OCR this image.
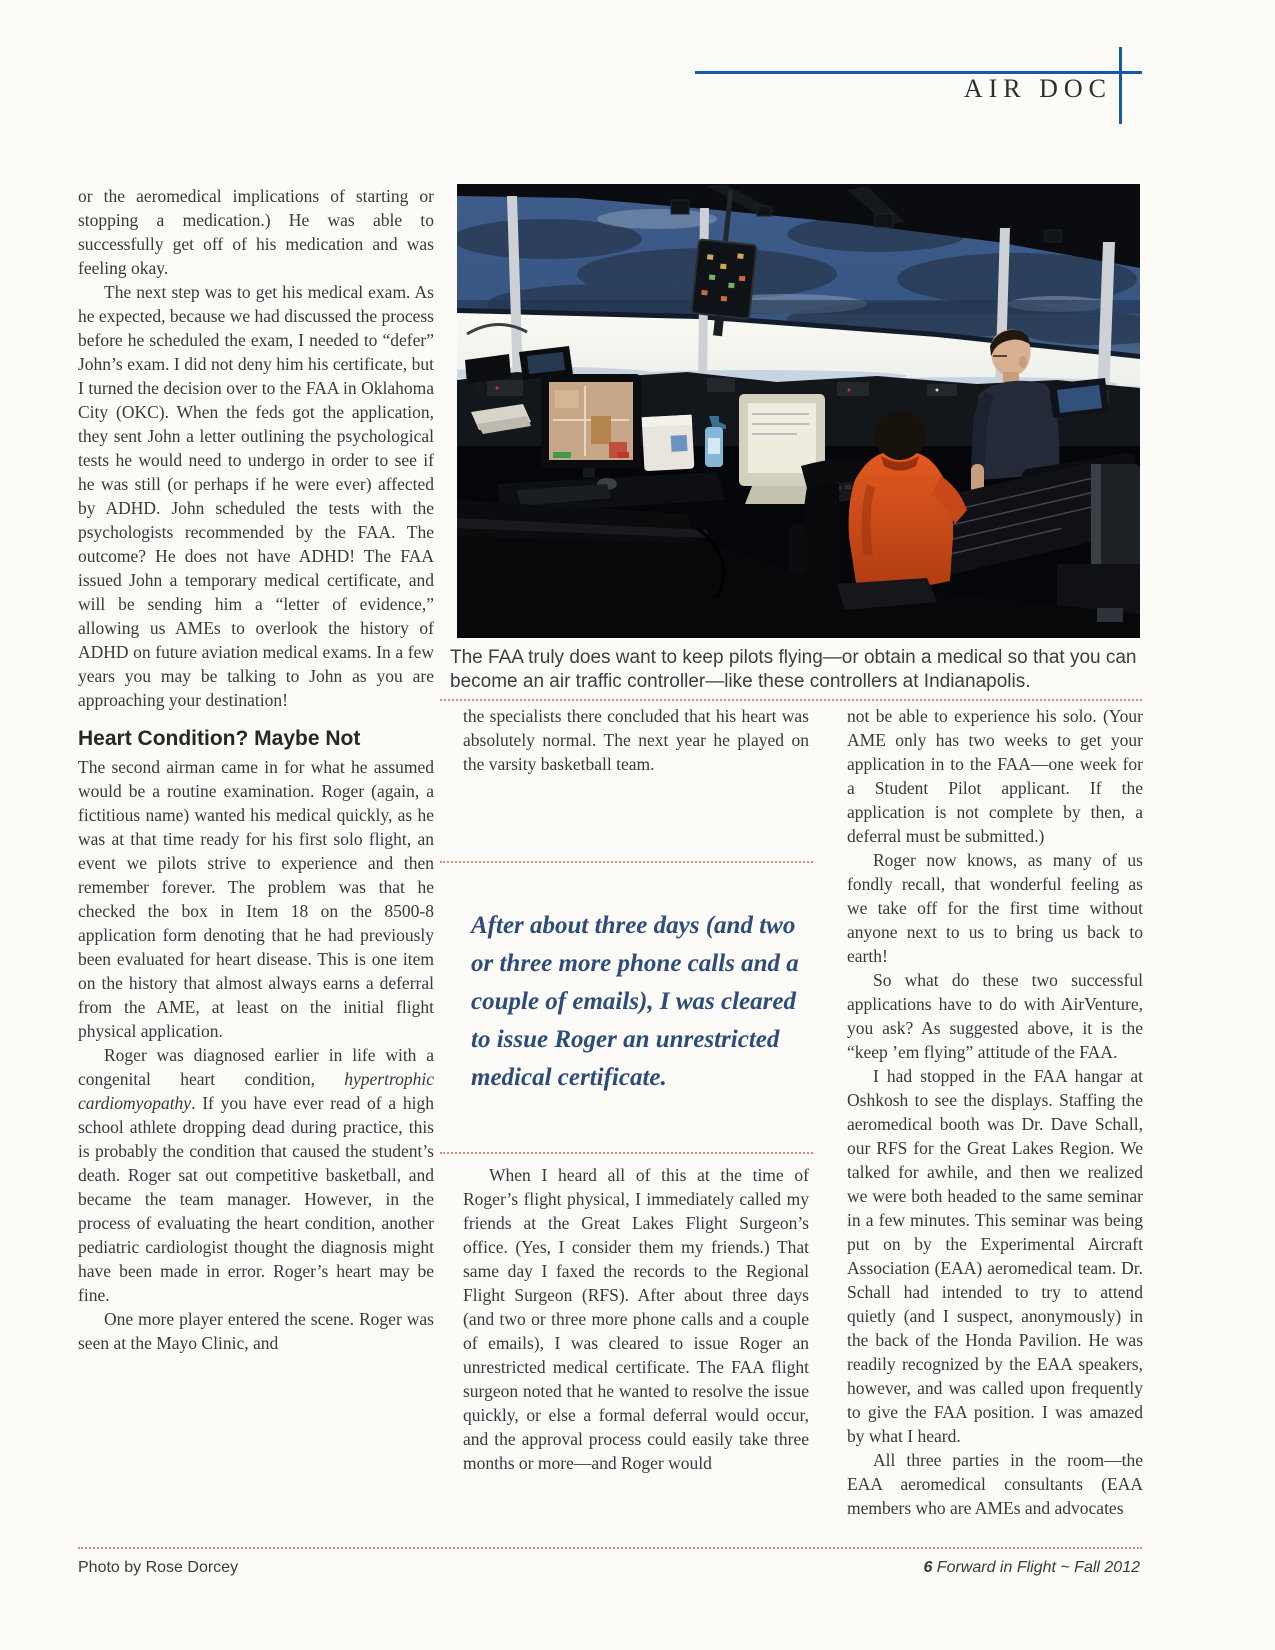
AIR DOC
The FAA truly does want to keep pilots flying—or obtain a medical so that you can become an air traffic controller—like these controllers at Indianapolis.

or the aeromedical implications of starting or stopping a medication.) He was able to successfully get off of his medication and was feeling okay.

The next step was to get his medical exam. As he expected, because we had discussed the process before he scheduled the exam, I needed to “defer” John’s exam. I did not deny him his certificate, but I turned the decision over to the FAA in Oklahoma City (OKC). When the feds got the application, they sent John a letter outlining the psychological tests he would need to undergo in order to see if he was still (or perhaps if he were ever) affected by ADHD. John scheduled the tests with the psychologists recommended by the FAA. The outcome? He does not have ADHD! The FAA issued John a temporary medical certificate, and will be sending him a “letter of evidence,” allowing us AMEs to overlook the history of ADHD on future aviation medical exams. In a few years you may be talking to John as you are approaching your destination!

Heart Condition? Maybe Not

The second airman came in for what he assumed would be a routine examination. Roger (again, a fictitious name) wanted his medical quickly, as he was at that time ready for his first solo flight, an event we pilots strive to experience and then remember forever. The problem was that he checked the box in Item 18 on the 8500-8 application form denoting that he had previously been evaluated for heart disease. This is one item on the history that almost always earns a deferral from the AME, at least on the initial flight physical application.

Roger was diagnosed earlier in life with a congenital heart condition, hypertrophic cardiomyopathy. If you have ever read of a high school athlete dropping dead during practice, this is probably the condition that caused the student’s death. Roger sat out competitive basketball, and became the team manager. However, in the process of evaluating the heart condition, another pediatric cardiologist thought the diagnosis might have been made in error. Roger’s heart may be fine.

One more player entered the scene. Roger was seen at the Mayo Clinic, and

the specialists there concluded that his heart was absolutely normal. The next year he played on the varsity basketball team.

After about three days (and two or three more phone calls and a couple of emails), I was cleared to issue Roger an unrestricted medical certificate.

When I heard all of this at the time of Roger’s flight physical, I immediately called my friends at the Great Lakes Flight Surgeon’s office. (Yes, I consider them my friends.) That same day I faxed the records to the Regional Flight Surgeon (RFS). After about three days (and two or three more phone calls and a couple of emails), I was cleared to issue Roger an unrestricted medical certificate. The FAA flight surgeon noted that he wanted to resolve the issue quickly, or else a formal deferral would occur, and the approval process could easily take three months or more—and Roger would

not be able to experience his solo. (Your AME only has two weeks to get your application in to the FAA—one week for a Student Pilot applicant. If the application is not complete by then, a deferral must be submitted.)

Roger now knows, as many of us fondly recall, that wonderful feeling as we take off for the first time without anyone next to us to bring us back to earth!

So what do these two successful applications have to do with AirVenture, you ask? As suggested above, it is the “keep ’em flying” attitude of the FAA.

I had stopped in the FAA hangar at Oshkosh to see the displays. Staffing the aeromedical booth was Dr. Dave Schall, our RFS for the Great Lakes Region. We talked for awhile, and then we realized we were both headed to the same seminar in a few minutes. This seminar was being put on by the Experimental Aircraft Association (EAA) aeromedical team. Dr. Schall had intended to try to attend quietly (and I suspect, anonymously) in the back of the Honda Pavilion. He was readily recognized by the EAA speakers, however, and was called upon frequently to give the FAA position. I was amazed by what I heard.

All three parties in the room—the EAA aeromedical consultants (EAA members who are AMEs and advocates

Photo by Rose Dorcey	6 Forward in Flight ~ Fall 2012
